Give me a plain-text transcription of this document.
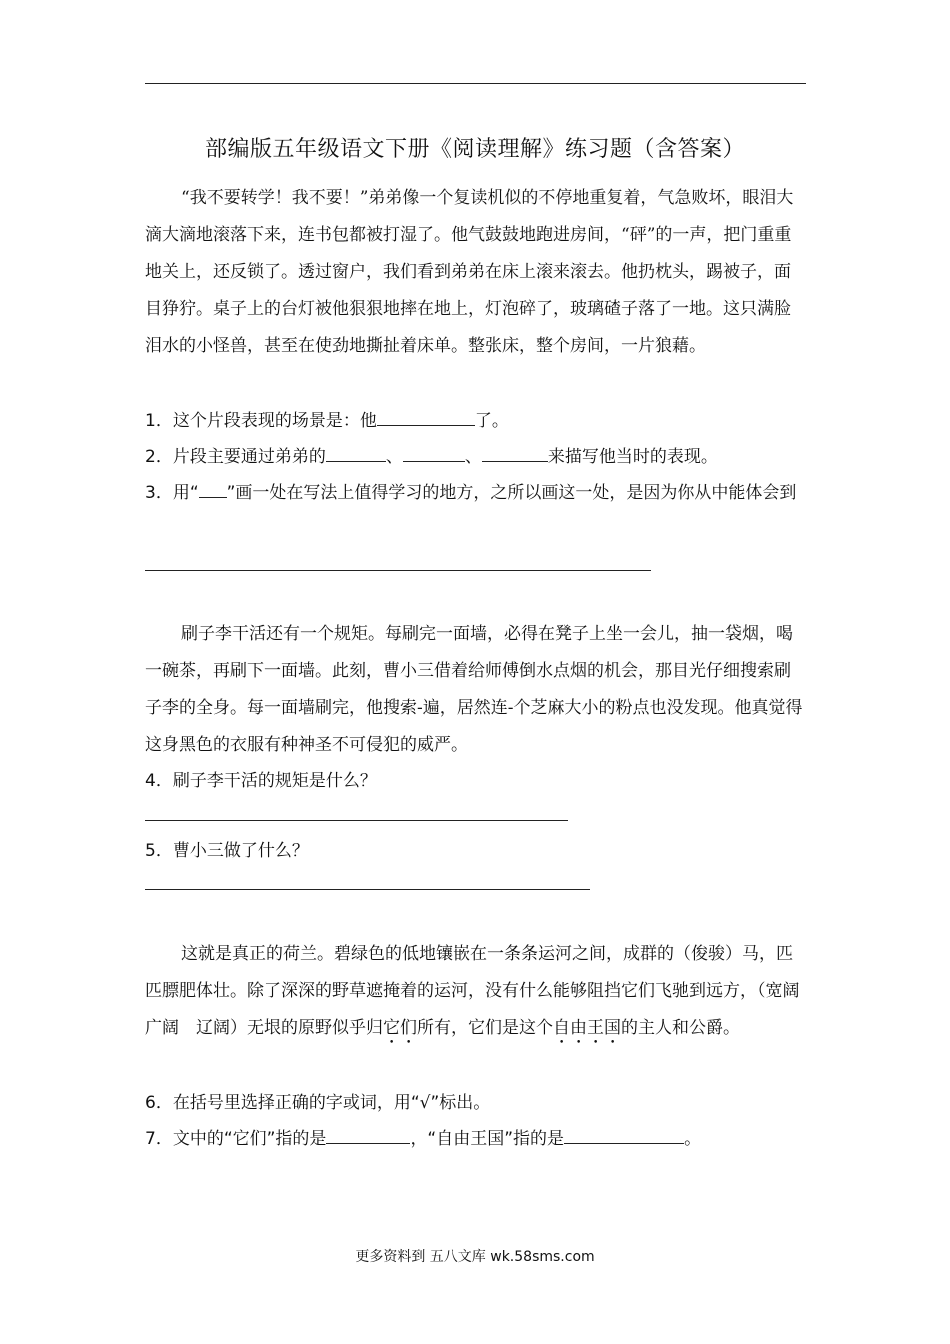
部编版五年级语文下册《阅读理解》练习题（含答案）
“我不要转学！我不要！”弟弟像一个复读机似的不停地重复着，气急败坏，眼泪大滴大滴地滚落下来，连书包都被打湿了。他气鼓鼓地跑进房间，“砰”的一声，把门重重地关上，还反锁了。透过窗户，我们看到弟弟在床上滚来滚去。他扔枕头，踢被子，面目狰狞。桌子上的台灯被他狠狠地摔在地上，灯泡碎了，玻璃碴子落了一地。这只满脸泪水的小怪兽，甚至在使劲地撕扯着床单。整张床，整个房间，一片狼藉。
1．这个片段表现的场景是：他	了。
2．片段主要通过弟弟的	、	、	来描写他当时的表现。
3．用“ ”画一处在写法上值得学习的地方，之所以画这一处，是因为你从中能体会到
刷子李干活还有一个规矩。每刷完一面墙，必得在凳子上坐一会儿，抽一袋烟，喝一碗茶，再刷下一面墙。此刻，曹小三借着给师傅倒水点烟的机会，那目光仔细搜索刷子李的全身。每一面墙刷完，他搜索-遍，居然连-个芝麻大小的粉点也没发现。他真觉得这身黑色的衣服有种神圣不可侵犯的威严。
4．刷子李干活的规矩是什么？
5．曹小三做了什么？
这就是真正的荷兰。碧绿色的低地镶嵌在一条条运河之间，成群的（俊骏）马，匹匹膘肥体壮。除了深深的野草遮掩着的运河，没有什么能够阻挡它们飞驰到远方，（宽阔　 广阔　辽阔）无垠的原野似乎归它们所有，它们是这个自由王国的主人和公爵。
6．在括号里选择正确的字或词，用“√”标出。
7．文中的“它们”指的是	，“自由王国”指的是	。
更多资料到 五八文库 wk.58sms.com
